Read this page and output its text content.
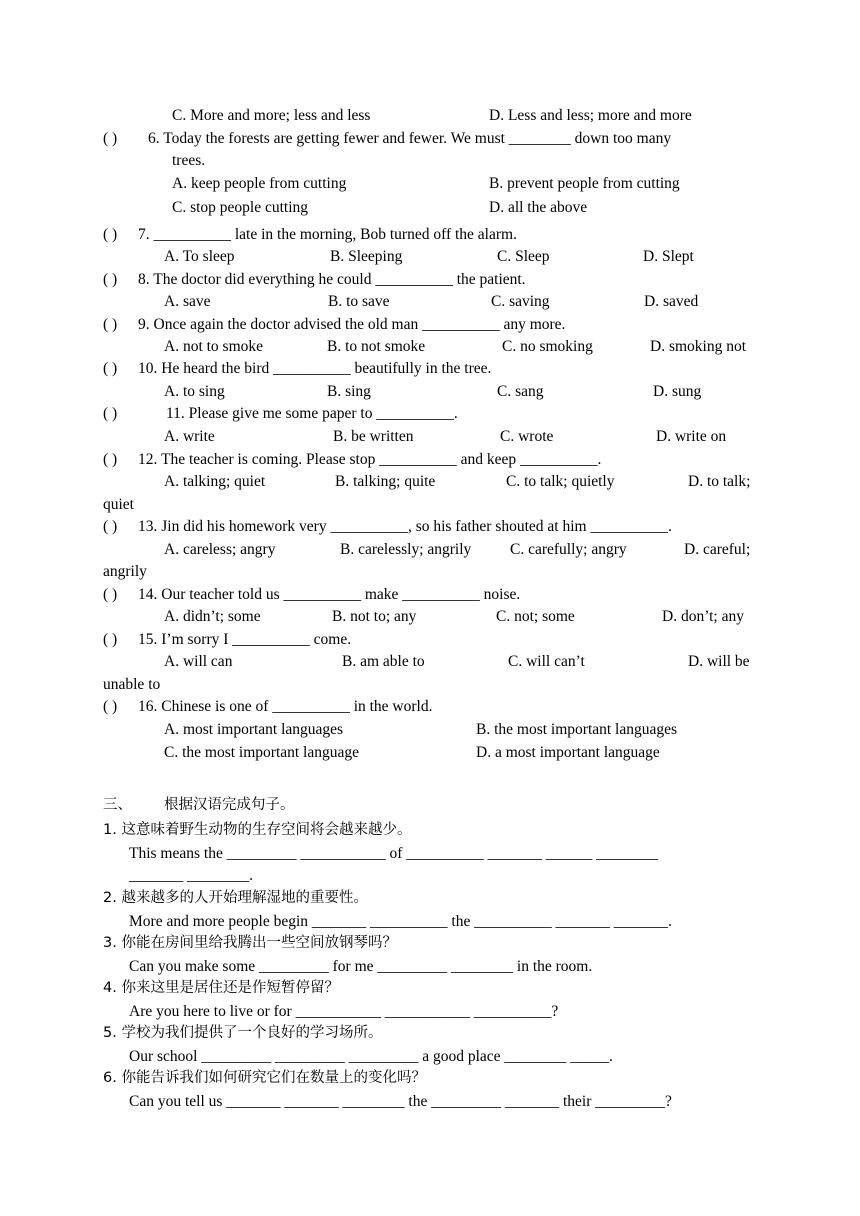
C. More and more; less and less	D. Less and less; more and more
( ) 6. Today the forests are getting fewer and fewer. We must ________ down too many
trees.
A. keep people from cutting	B. prevent people from cutting
C. stop people cutting	D. all the above
( ) 7. __________ late in the morning, Bob turned off the alarm.
A. To sleep	B. Sleeping	C. Sleep	D. Slept
( ) 8. The doctor did everything he could __________ the patient.
A. save	B. to save	C. saving	D. saved
( ) 9. Once again the doctor advised the old man __________ any more.
A. not to smoke	B. to not smoke	C. no smoking	D. smoking not
( ) 10. He heard the bird __________ beautifully in the tree.
A. to sing	B. sing	C. sang	D. sung
( )	11. Please give me some paper to __________.
A. write	B. be written	C. wrote	D. write on
( ) 12. The teacher is coming. Please stop __________ and keep __________.
A. talking; quiet	B. talking; quite	C. to talk; quietly	D. to talk;
quiet
( ) 13. Jin did his homework very __________, so his father shouted at him __________.
A. careless; angry	B. carelessly; angrily C. carefully; angry	D. careful;
angrily
( ) 14. Our teacher told us __________ make __________ noise.
A. didn’t; some	B. not to; any	C. not; some	D. don’t; any
( ) 15. I’m sorry I __________ come.
A. will can	B. am able to	C. will can’t	D. will be
unable to
( ) 16. Chinese is one of __________ in the world.
A. most important languages	B. the most important languages
C. the most important language	D. a most important language
三、 根据汉语完成句子。
1. 这意味着野生动物的生存空间将会越来越少。
This means the _________ ___________ of __________ _______ ______ ________
_______ ________.
2. 越来越多的人开始理解湿地的重要性。
More and more people begin _______ __________ the __________ _______ _______.
3. 你能在房间里给我腾出一些空间放钢琴吗？
Can you make some _________ for me _________ ________ in the room.
4. 你来这里是居住还是作短暂停留？
Are you here to live or for ___________ ___________ __________?
5. 学校为我们提供了一个良好的学习场所。
Our school _________ _________ _________ a good place ________ _____.
6. 你能告诉我们如何研究它们在数量上的变化吗？
Can you tell us _______ _______ ________ the _________ _______ their _________?
